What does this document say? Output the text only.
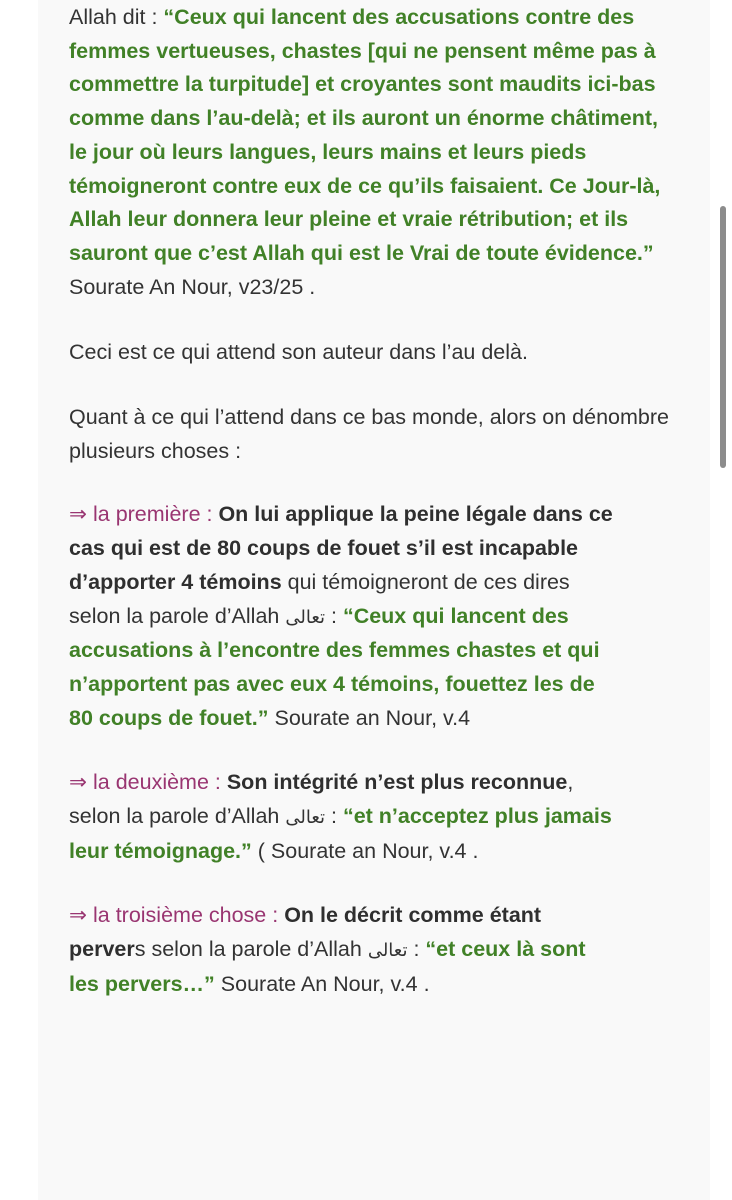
Allah dit : “Ceux qui lancent des accusations contre des femmes vertueuses, chastes [qui ne pensent même pas à commettre la turpitude] et croyantes sont maudits ici-bas comme dans l’au-delà; et ils auront un énorme châtiment, le jour où leurs langues, leurs mains et leurs pieds témoigneront contre eux de ce qu’ils faisaient. Ce Jour-là, Allah leur donnera leur pleine et vraie rétribution; et ils sauront que c’est Allah qui est le Vrai de toute évidence.” Sourate An Nour, v23/25 .

Ceci est ce qui attend son auteur dans l’au delà.

Quant à ce qui l’attend dans ce bas monde, alors on dénombre plusieurs choses :

⇒ la première : On lui applique la peine légale dans ce cas qui est de 80 coups de fouet s’il est incapable d’apporter 4 témoins qui témoigneront de ces dires selon la parole d’Allah تعالى : “Ceux qui lancent des accusations à l’encontre des femmes chastes et qui n’apportent pas avec eux 4 témoins, fouettez les de 80 coups de fouet.” Sourate an Nour, v.4

⇒ la deuxième : Son intégrité n’est plus reconnue, selon la parole d’Allah تعالى : “et n’acceptez plus jamais leur témoignage.” ( Sourate an Nour, v.4 .

⇒ la troisième chose : On le décrit comme étant pervers selon la parole d’Allah تعالى : “et ceux là sont les pervers…” Sourate An Nour, v.4 .
